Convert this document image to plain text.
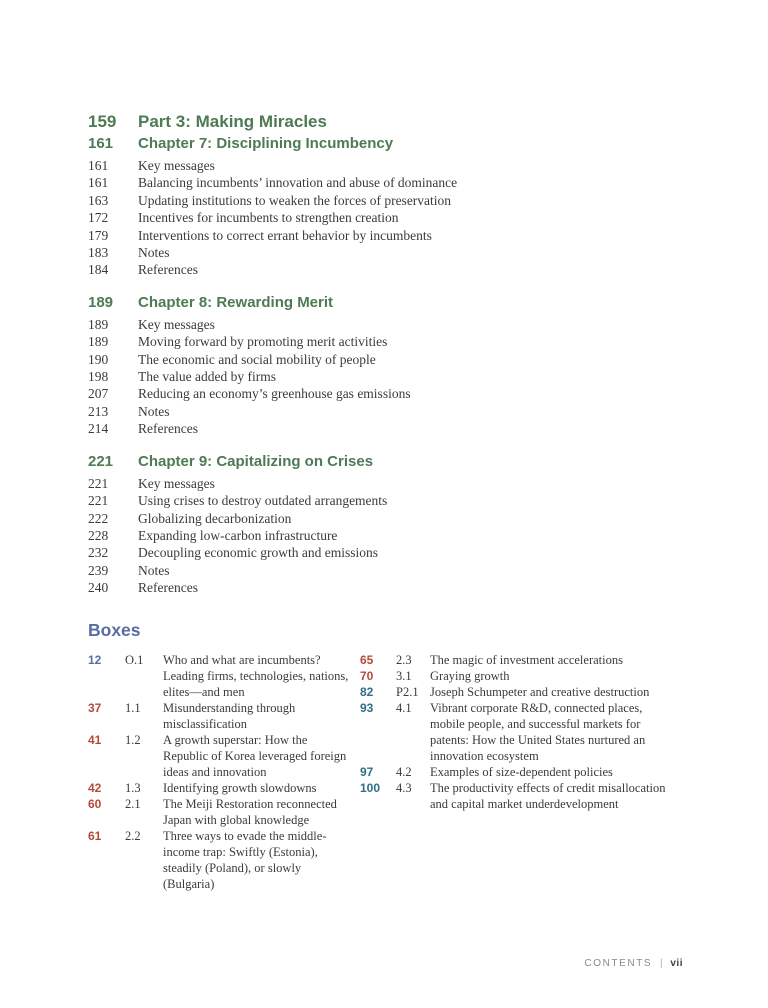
159	Part 3: Making Miracles
161	Chapter 7: Disciplining Incumbency
161	Key messages
161	Balancing incumbents’ innovation and abuse of dominance
163	Updating institutions to weaken the forces of preservation
172	Incentives for incumbents to strengthen creation
179	Interventions to correct errant behavior by incumbents
183	Notes
184	References
189	Chapter 8: Rewarding Merit
189	Key messages
189	Moving forward by promoting merit activities
190	The economic and social mobility of people
198	The value added by firms
207	Reducing an economy’s greenhouse gas emissions
213	Notes
214	References
221	Chapter 9: Capitalizing on Crises
221	Key messages
221	Using crises to destroy outdated arrangements
222	Globalizing decarbonization
228	Expanding low-carbon infrastructure
232	Decoupling economic growth and emissions
239	Notes
240	References
Boxes
12	O.1	Who and what are incumbents? Leading firms, technologies, nations, elites—and men
37	1.1	Misunderstanding through misclassification
41	1.2	A growth superstar: How the Republic of Korea leveraged foreign ideas and innovation
42	1.3	Identifying growth slowdowns
60	2.1	The Meiji Restoration reconnected Japan with global knowledge
61	2.2	Three ways to evade the middle-income trap: Swiftly (Estonia), steadily (Poland), or slowly (Bulgaria)
65	2.3	The magic of investment accelerations
70	3.1	Graying growth
82	P2.1 Joseph Schumpeter and creative destruction
93	4.1	Vibrant corporate R&D, connected places, mobile people, and successful markets for patents: How the United States nurtured an innovation ecosystem
97	4.2	Examples of size-dependent policies
100	4.3	The productivity effects of credit misallocation and capital market underdevelopment
CONTENTS | vii
